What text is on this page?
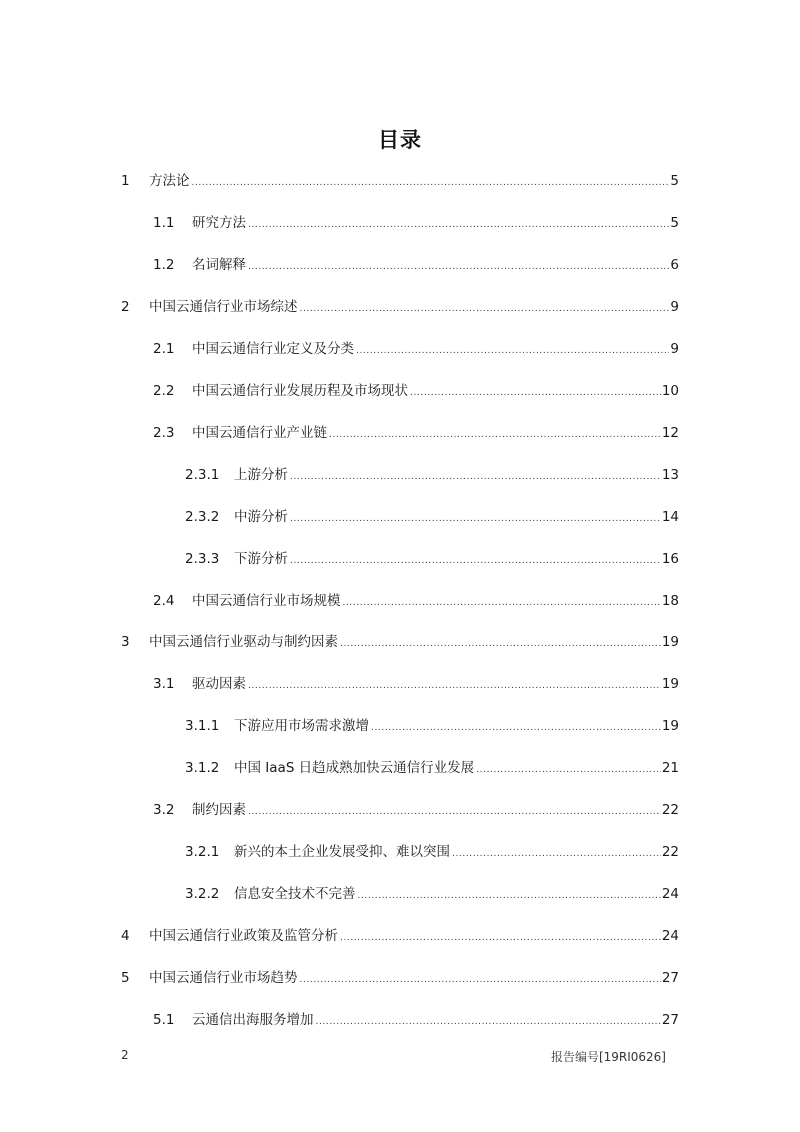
目录
1	方法论 .....	5
1.1	研究方法 .....	5
1.2	名词解释 .....	6
2	中国云通信行业市场综述 .....	9
2.1	中国云通信行业定义及分类 .....	9
2.2	中国云通信行业发展历程及市场现状 .....	10
2.3	中国云通信行业产业链 .....	12
2.3.1	上游分析 .....	13
2.3.2	中游分析 .....	14
2.3.3	下游分析 .....	16
2.4	中国云通信行业市场规模 .....	18
3	中国云通信行业驱动与制约因素 .....	19
3.1	驱动因素 .....	19
3.1.1	下游应用市场需求激增 .....	19
3.1.2	中国 IaaS 日趋成熟加快云通信行业发展 .....	21
3.2	制约因素 .....	22
3.2.1	新兴的本土企业发展受抑、难以突围 .....	22
3.2.2	信息安全技术不完善 .....	24
4	中国云通信行业政策及监管分析 .....	24
5	中国云通信行业市场趋势 .....	27
5.1	云通信出海服务增加 .....	27
2	报告编号[19RI0626]
